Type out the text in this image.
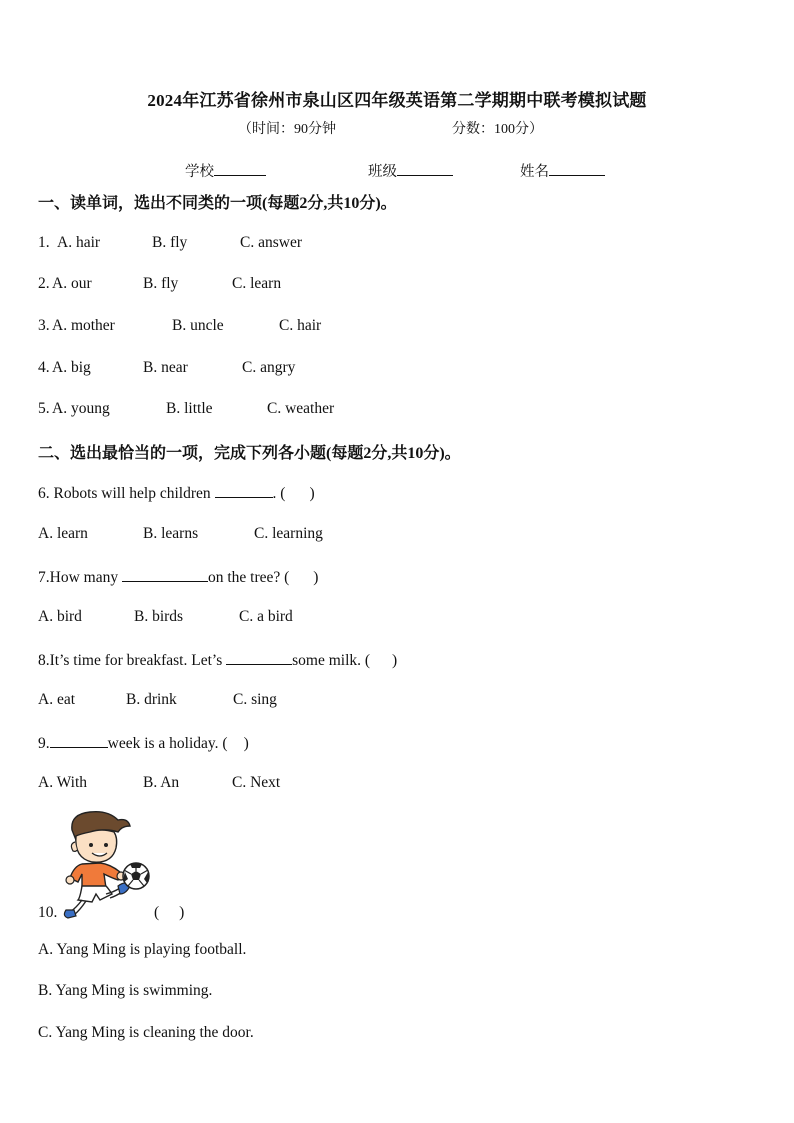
2024年江苏省徐州市泉山区四年级英语第二学期期中联考模拟试题
（时间：90分钟	分数：100分）
学校	班级	姓名
一、读单词，选出不同类的一项(每题2分,共10分)。
1. A. hair	B. fly	C. answer
2. A. our	B. fly	C. learn
3. A. mother	B. uncle	C. hair
4. A. big	B. near	C. angry
5. A. young	B. little	C. weather
二、选出最恰当的一项，完成下列各小题(每题2分,共10分)。
6. Robots will help children	. ( )
A. learn	B. learns	C. learning
7.How many	on the tree? ( )
A. bird	B. birds	C. a bird
8.It’s time for breakfast. Let’s	some milk. ( )
A. eat	B. drink	C. sing
9.	week is a holiday. ( )
A. With	B. An	C. Next
10.	( )
A. Yang Ming is playing football.
B. Yang Ming is swimming.
C. Yang Ming is cleaning the door.
